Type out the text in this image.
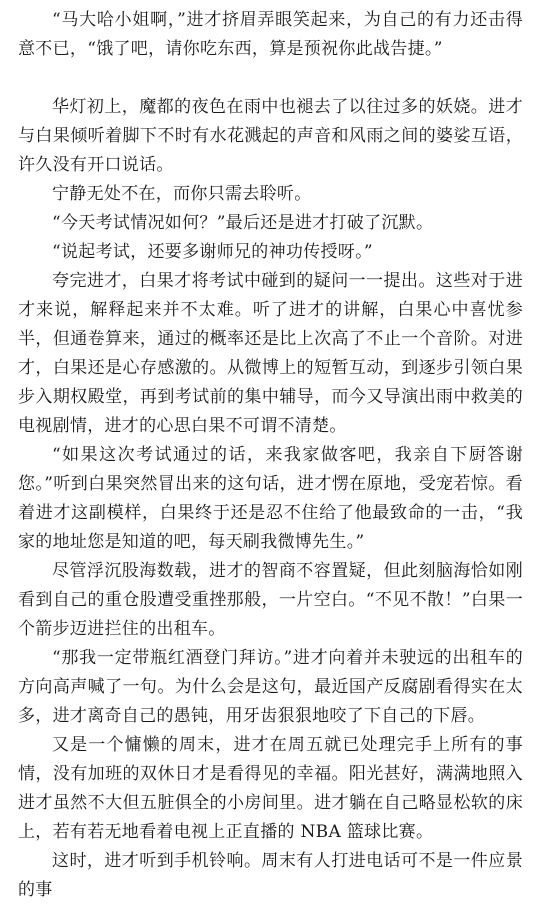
“马大哈小姐啊，”进才挤眉弄眼笑起来，为自己的有力还击得意不已，“饿了吧，请你吃东西，算是预祝你此战告捷。”

华灯初上，魔都的夜色在雨中也褪去了以往过多的妖娆。进才与白果倾听着脚下不时有水花溅起的声音和风雨之间的婆娑互语，许久没有开口说话。

宁静无处不在，而你只需去聆听。

“今天考试情况如何？”最后还是进才打破了沉默。

“说起考试，还要多谢师兄的神功传授呀。”

夸完进才，白果才将考试中碰到的疑问一一提出。这些对于进才来说，解释起来并不太难。听了进才的讲解，白果心中喜忧参半，但通卷算来，通过的概率还是比上次高了不止一个音阶。对进才，白果还是心存感激的。从微博上的短暂互动，到逐步引领白果步入期权殿堂，再到考试前的集中辅导，而今又导演出雨中救美的电视剧情，进才的心思白果不可谓不清楚。

“如果这次考试通过的话，来我家做客吧，我亲自下厨答谢您。”听到白果突然冒出来的这句话，进才愣在原地，受宠若惊。看着进才这副模样，白果终于还是忍不住给了他最致命的一击，“我家的地址您是知道的吧，每天刷我微博先生。”

尽管浮沉股海数载，进才的智商不容置疑，但此刻脑海恰如刚看到自己的重仓股遭受重挫那般，一片空白。“不见不散！”白果一个箭步迈进拦住的出租车。

“那我一定带瓶红酒登门拜访。”进才向着并未驶远的出租车的方向高声喊了一句。为什么会是这句，最近国产反腐剧看得实在太多，进才离奇自己的愚钝，用牙齿狠狠地咬了下自己的下唇。

又是一个慵懒的周末，进才在周五就已处理完手上所有的事情，没有加班的双休日才是看得见的幸福。阳光甚好，满满地照入进才虽然不大但五脏俱全的小房间里。进才躺在自己略显松软的床上，若有若无地看着电视上正直播的 NBA 篮球比赛。

这时，进才听到手机铃响。周末有人打进电话可不是一件应景的事
